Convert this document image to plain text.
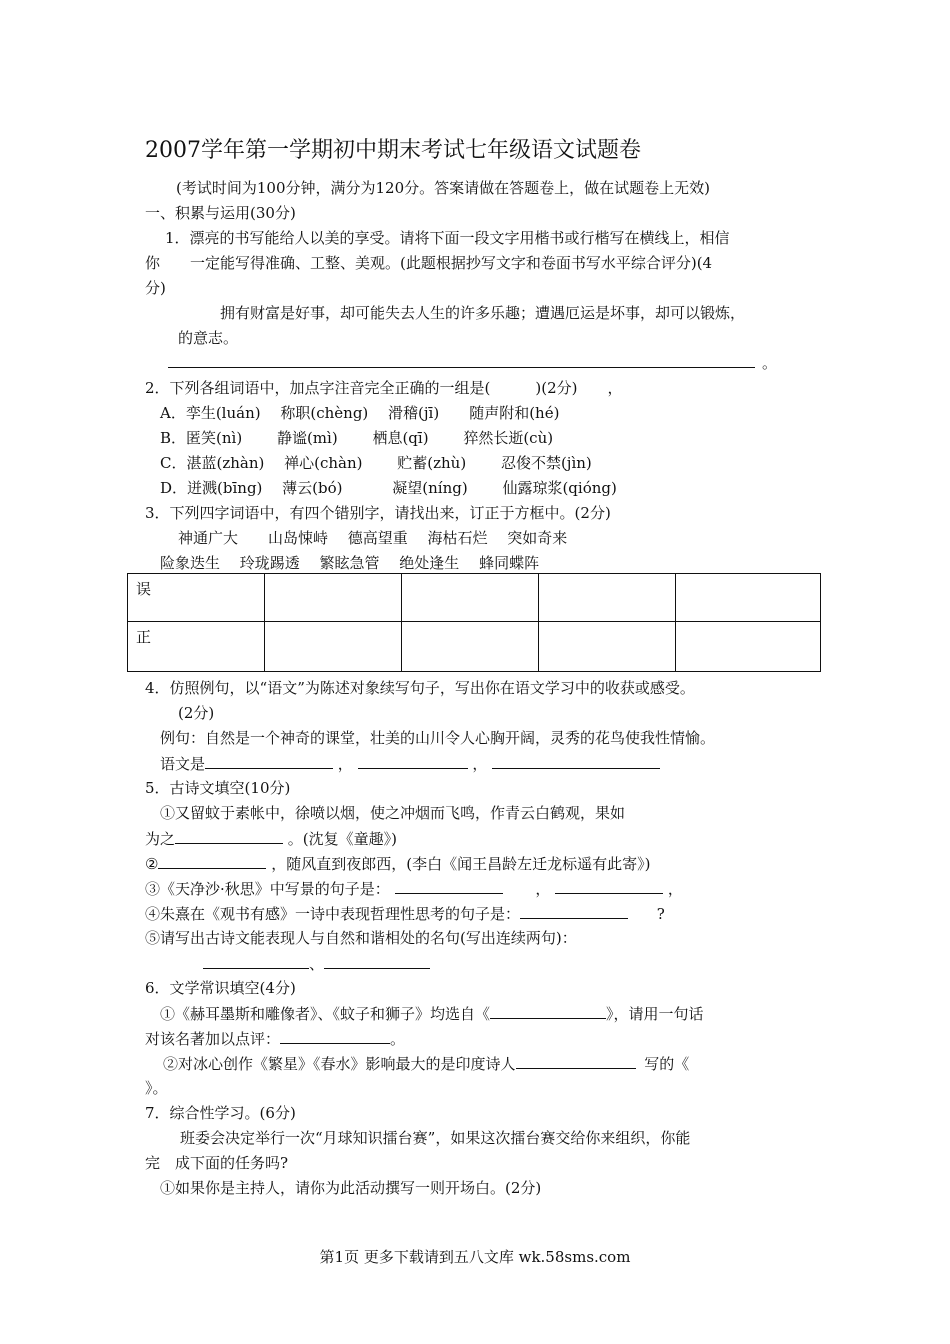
2007学年第一学期初中期末考试七年级语文试题卷
(考试时间为100分钟，满分为120分。答案请做在答题卷上，做在试题卷上无效)
一、积累与运用(30分)
1．漂亮的书写能给人以美的享受。请将下面一段文字用楷书或行楷写在横线上，相信
你　　一定能写得准确、工整、美观。(此题根据抄写文字和卷面书写水平综合评分)(4
分)
拥有财富是好事，却可能失去人生的许多乐趣；遭遇厄运是坏事，却可以锻炼，
的意志。
。
2．下列各组词语中，加点字注音完全正确的一组是(　　　)(2分)　　，
A．孪生(luán)　 称职(chèng)　 滑稽(jī)　　随声附和(hé)
B．匿笑(nì)　　 静谧(mì)　　 栖息(qī)　　 猝然长逝(cù)
C．湛蓝(zhàn)　 禅心(chàn)　　 贮蓄(zhù)　　 忍俊不禁(jìn)
D．迸溅(bīng)　 薄云(bó)　　　 凝望(níng)　　 仙露琼浆(qióng)
3．下列四字词语中，有四个错别字，请找出来，订正于方框中。(2分)
神通广大　　山岛悚峙　 德高望重　 海枯石烂　 突如奇来
险象迭生　 玲珑踢透　 繁眩急管　 绝处逢生　 蜂同蝶阵
误				
正				
4．仿照例句，以“语文”为陈述对象续写句子，写出你在语文学习中的收获或感受。
(2分)
例句：自然是一个神奇的课堂，壮美的山川令人心胸开阔，灵秀的花鸟使我性情愉。
语文是	，	，
5．古诗文填空(10分)
①又留蚊于素帐中，徐喷以烟，使之冲烟而飞鸣，作青云白鹤观，果如
为之	。(沈复《童趣》)
②	，随风直到夜郎西，(李白《闻王昌龄左迁龙标遥有此寄》)
③《天净沙·秋思》中写景的句子是：	，	，
④朱熹在《观书有感》一诗中表现哲理性思考的句子是：	?
⑤请写出古诗文能表现人与自然和谐相处的名句(写出连续两句)：
、
6．文学常识填空(4分)
①《赫耳墨斯和雕像者》、《蚊子和狮子》均选自《	》，请用一句话
对该名著加以点评：	。
②对冰心创作《繁星》《春水》影响最大的是印度诗人	写的《
》。
7．综合性学习。(6分)
班委会决定举行一次“月球知识擂台赛”，如果这次擂台赛交给你来组织，你能
完　成下面的任务吗?
①如果你是主持人，请你为此活动撰写一则开场白。(2分)
第1页 更多下载请到五八文库 wk.58sms.com
